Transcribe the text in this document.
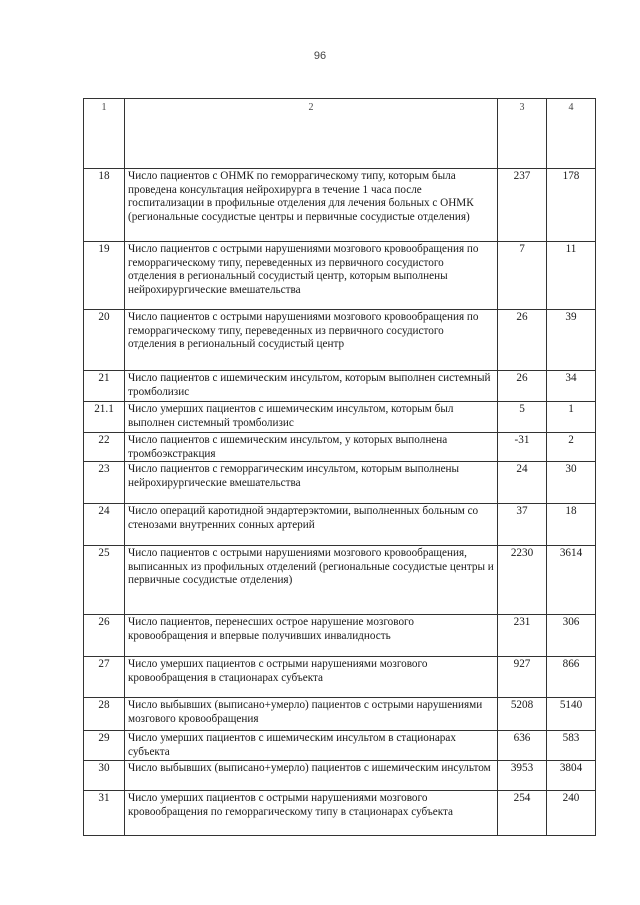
96
1	2	3	4
18	Число пациентов с ОНМК по геморрагическому типу, которым была проведена консультация нейрохирурга в течение 1 часа после госпитализации в профильные отделения для лечения больных с ОНМК (региональные сосудистые центры и первичные сосудистые отделения)	237	178
19	Число пациентов с острыми нарушениями мозгового кровообращения по геморрагическому типу, переведенных из первичного сосудистого отделения в региональный сосудистый центр, которым выполнены нейрохирургические вмешательства	7	11
20	Число пациентов с острыми нарушениями мозгового кровообращения по геморрагическому типу, переведенных из первичного сосудистого отделения в региональный сосудистый центр	26	39
21	Число пациентов с ишемическим инсультом, которым выполнен системный тромболизис	26	34
21.1	Число умерших пациентов с ишемическим инсультом, которым был выполнен системный тромболизис	5	1
22	Число пациентов с ишемическим инсультом, у которых выполнена тромбоэкстракция	-31	2
23	Число пациентов с геморрагическим инсультом, которым выполнены нейрохирургические вмешательства	24	30
24	Число операций каротидной эндартерэктомии, выполненных больным со стенозами внутренних сонных артерий	37	18
25	Число пациентов с острыми нарушениями мозгового кровообращения, выписанных из профильных отделений (региональные сосудистые центры и первичные сосудистые отделения)	2230	3614
26	Число пациентов, перенесших острое нарушение мозгового кровообращения и впервые получивших инвалидность	231	306
27	Число умерших пациентов с острыми нарушениями мозгового кровообращения в стационарах субъекта	927	866
28	Число выбывших (выписано+умерло) пациентов с острыми нарушениями мозгового кровообращения	5208	5140
29	Число умерших пациентов с ишемическим инсультом в стационарах субъекта	636	583
30	Число выбывших (выписано+умерло) пациентов с ишемическим инсультом	3953	3804
31	Число умерших пациентов с острыми нарушениями мозгового кровообращения по геморрагическому типу в стационарах субъекта	254	240
